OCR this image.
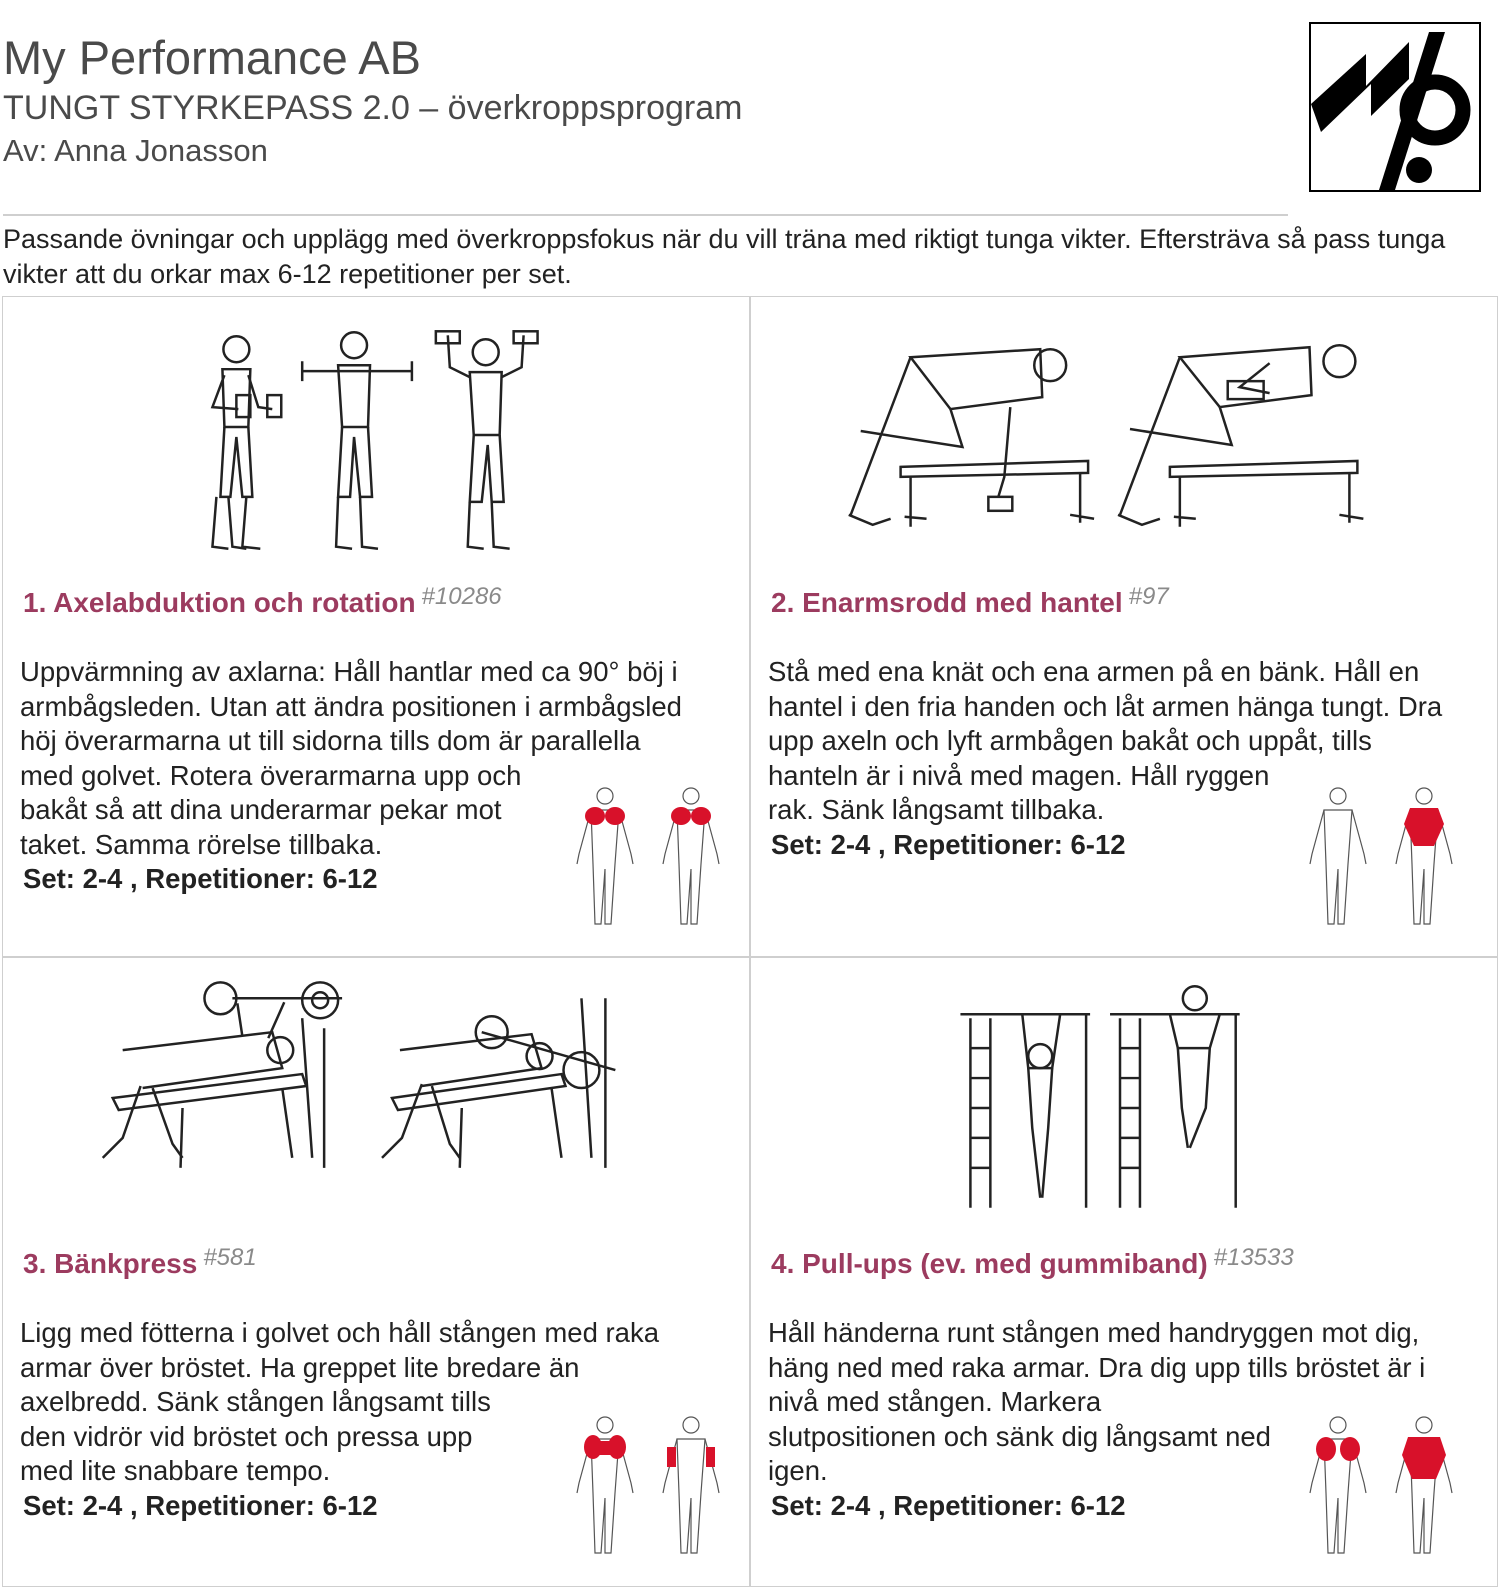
My Performance AB
TUNGT STYRKEPASS 2.0 – överkroppsprogram
Av: Anna Jonasson
Passande övningar och upplägg med överkroppsfokus när du vill träna med riktigt tunga vikter. Eftersträva så pass tunga vikter att du orkar max 6-12 repetitioner per set.
1. Axelabduktion och rotation #10286
Uppvärmning av axlarna: Håll hantlar med ca 90° böj i
armbågsleden. Utan att ändra positionen i armbågsled
höj överarmarna ut till sidorna tills dom är parallella
med golvet. Rotera överarmarna upp och
bakåt så att dina underarmar pekar mot
taket. Samma rörelse tillbaka.
Set: 2-4 , Repetitioner: 6-12
2. Enarmsrodd med hantel #97
Stå med ena knät och ena armen på en bänk. Håll en
hantel i den fria handen och låt armen hänga tungt. Dra
upp axeln och lyft armbågen bakåt och uppåt, tills
hanteln är i nivå med magen. Håll ryggen
rak. Sänk långsamt tillbaka.
Set: 2-4 , Repetitioner: 6-12
3. Bänkpress #581
Ligg med fötterna i golvet och håll stången med raka
armar över bröstet. Ha greppet lite bredare än
axelbredd. Sänk stången långsamt tills
den vidrör vid bröstet och pressa upp
med lite snabbare tempo.
Set: 2-4 , Repetitioner: 6-12
4. Pull-ups (ev. med gummiband) #13533
Håll händerna runt stången med handryggen mot dig,
häng ned med raka armar. Dra dig upp tills bröstet är i
nivå med stången. Markera
slutpositionen och sänk dig långsamt ned
igen.
Set: 2-4 , Repetitioner: 6-12
